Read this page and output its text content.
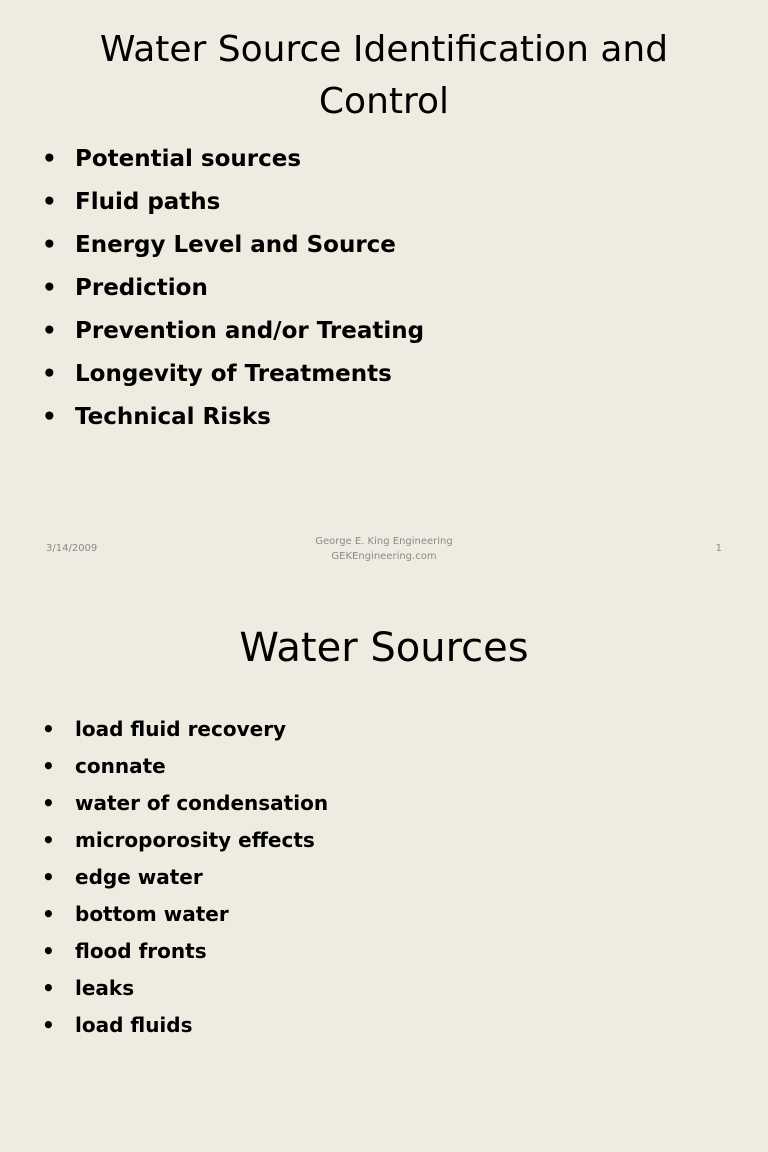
Water Source Identification and Control
• Potential sources
• Fluid paths
• Energy Level and Source
• Prediction
• Prevention and/or Treating
• Longevity of Treatments
• Technical Risks
3/14/2009
George E. King Engineering
GEKEngineering.com
1
Water Sources
• load fluid recovery
• connate
• water of condensation
• microporosity effects
• edge water
• bottom water
• flood fronts
• leaks
• load fluids
